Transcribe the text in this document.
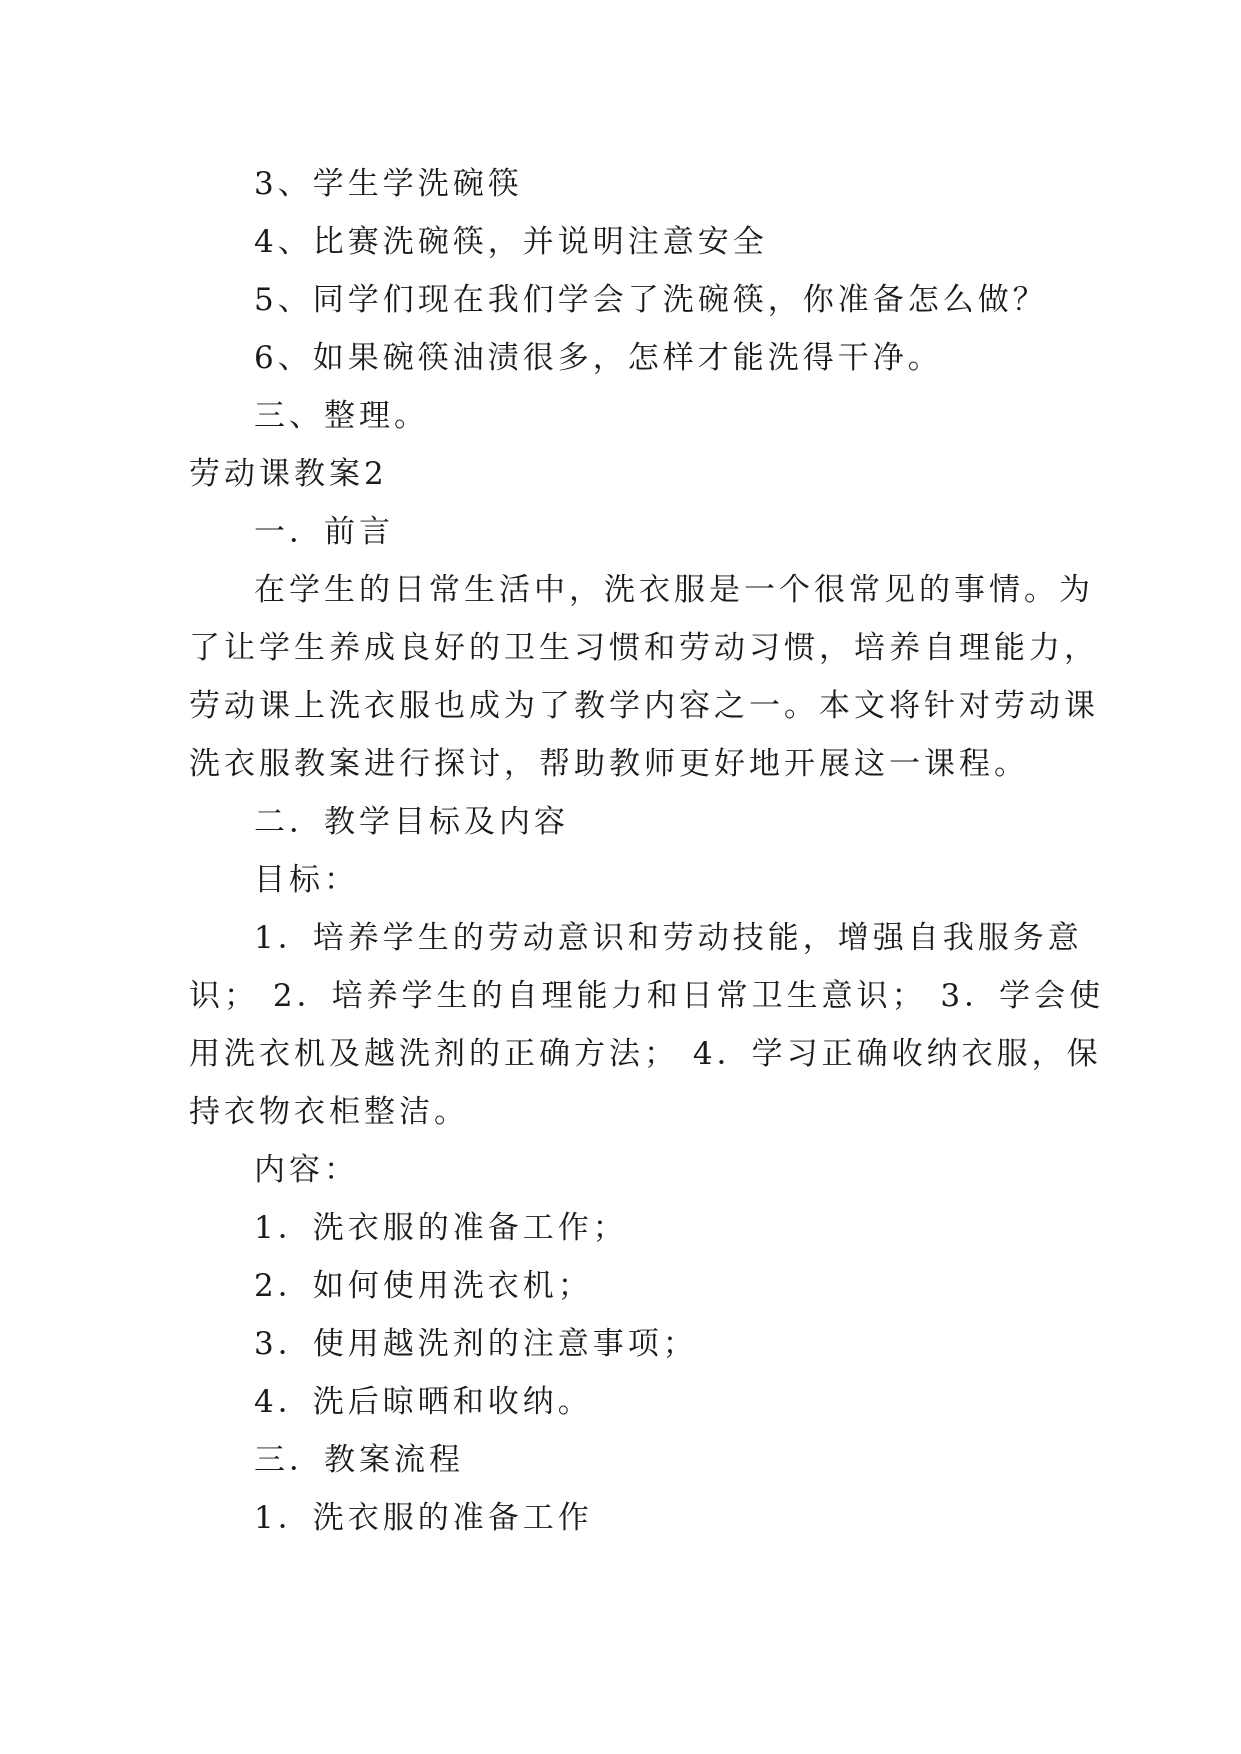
3、学生学洗碗筷
4、比赛洗碗筷，并说明注意安全
5、同学们现在我们学会了洗碗筷，你准备怎么做？
6、如果碗筷油渍很多，怎样才能洗得干净。
三、整理。
劳动课教案2
一．前言
在学生的日常生活中，洗衣服是一个很常见的事情。为
了让学生养成良好的卫生习惯和劳动习惯，培养自理能力，
劳动课上洗衣服也成为了教学内容之一。本文将针对劳动课
洗衣服教案进行探讨，帮助教师更好地开展这一课程。
二．教学目标及内容
目标：
1．培养学生的劳动意识和劳动技能，增强自我服务意
识； 2．培养学生的自理能力和日常卫生意识； 3．学会使
用洗衣机及越洗剂的正确方法； 4．学习正确收纳衣服，保
持衣物衣柜整洁。
内容：
1．洗衣服的准备工作；
2．如何使用洗衣机；
3．使用越洗剂的注意事项；
4．洗后晾晒和收纳。
三．教案流程
1．洗衣服的准备工作
